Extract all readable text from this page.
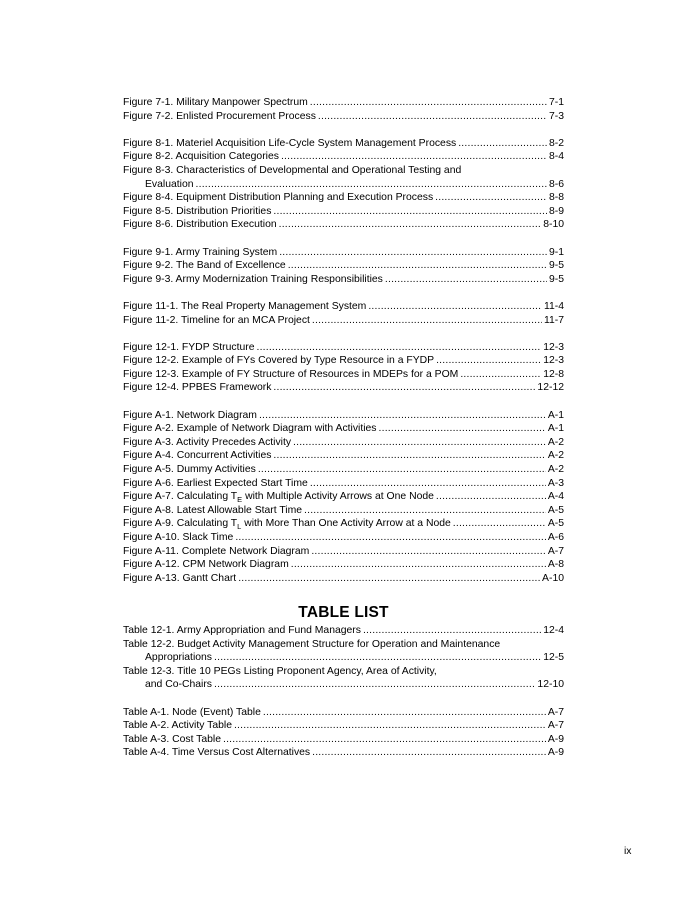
Figure 7-1. Military Manpower Spectrum .....	7-1
Figure 7-2. Enlisted Procurement Process .....	7-3
Figure 8-1. Materiel Acquisition Life-Cycle System Management Process .....	8-2
Figure 8-2. Acquisition Categories .....	8-4
Figure 8-3. Characteristics of Developmental and Operational Testing and
Evaluation .....	8-6
Figure 8-4. Equipment Distribution Planning and Execution Process .....	8-8
Figure 8-5. Distribution Priorities .....	8-9
Figure 8-6. Distribution Execution .....	8-10
Figure 9-1. Army Training System .....	9-1
Figure 9-2. The Band of Excellence .....	9-5
Figure 9-3. Army Modernization Training Responsibilities .....	9-5
Figure 11-1. The Real Property Management System .....	11-4
Figure 11-2. Timeline for an MCA Project .....	11-7
Figure 12-1. FYDP Structure .....	12-3
Figure 12-2. Example of FYs Covered by Type Resource in a FYDP .....	12-3
Figure 12-3. Example of FY Structure of Resources in MDEPs for a POM .....	12-8
Figure 12-4. PPBES Framework .....	12-12
Figure A-1. Network Diagram .....	A-1
Figure A-2. Example of Network Diagram with Activities .....	A-1
Figure A-3. Activity Precedes Activity .....	A-2
Figure A-4. Concurrent Activities .....	A-2
Figure A-5. Dummy Activities .....	A-2
Figure A-6. Earliest Expected Start Time .....	A-3
Figure A-7. Calculating $T_E$ with Multiple Activity Arrows at One Node .....	A-4
Figure A-8. Latest Allowable Start Time .....	A-5
Figure A-9. Calculating $T_L$ with More Than One Activity Arrow at a Node .....	A-5
Figure A-10. Slack Time .....	A-6
Figure A-11. Complete Network Diagram .....	A-7
Figure A-12. CPM Network Diagram .....	A-8
Figure A-13. Gantt Chart .....	A-10
TABLE LIST
Table 12-1. Army Appropriation and Fund Managers .....	12-4
Table 12-2. Budget Activity Management Structure for Operation and Maintenance
Appropriations .....	12-5
Table 12-3. Title 10 PEGs Listing Proponent Agency, Area of Activity,
and Co-Chairs .....	12-10
Table A-1. Node (Event) Table .....	A-7
Table A-2. Activity Table .....	A-7
Table A-3. Cost Table .....	A-9
Table A-4. Time Versus Cost Alternatives .....	A-9
ix
